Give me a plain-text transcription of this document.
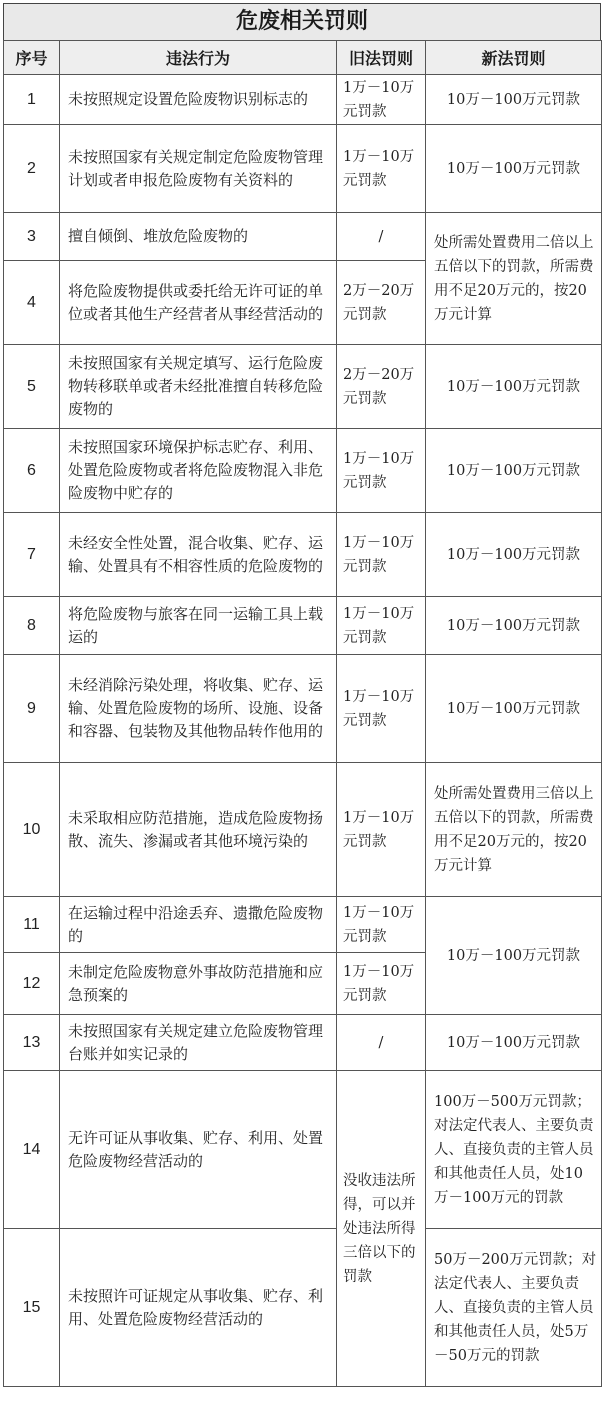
危废相关罚则
序号	违法行为	旧法罚则	新法罚则
1	未按照规定设置危险废物识别标志的	1万－10万元罚款	10万－100万元罚款
2	未按照国家有关规定制定危险废物管理计划或者申报危险废物有关资料的	1万－10万元罚款	10万－100万元罚款
3	擅自倾倒、堆放危险废物的	/	处所需处置费用二倍以上五倍以下的罚款，所需费用不足20万元的，按20万元计算
4	将危险废物提供或委托给无许可证的单位或者其他生产经营者从事经营活动的	2万－20万元罚款	
5	未按照国家有关规定填写、运行危险废物转移联单或者未经批准擅自转移危险废物的	2万－20万元罚款	10万－100万元罚款
6	未按照国家环境保护标志贮存、利用、处置危险废物或者将危险废物混入非危险废物中贮存的	1万－10万元罚款	10万－100万元罚款
7	未经安全性处置，混合收集、贮存、运输、处置具有不相容性质的危险废物的	1万－10万元罚款	10万－100万元罚款
8	将危险废物与旅客在同一运输工具上载运的	1万－10万元罚款	10万－100万元罚款
9	未经消除污染处理，将收集、贮存、运输、处置危险废物的场所、设施、设备和容器、包装物及其他物品转作他用的	1万－10万元罚款	10万－100万元罚款
10	未采取相应防范措施，造成危险废物扬散、流失、渗漏或者其他环境污染的	1万－10万元罚款	处所需处置费用三倍以上五倍以下的罚款，所需费用不足20万元的，按20万元计算
11	在运输过程中沿途丢弃、遗撒危险废物的	1万－10万元罚款	10万－100万元罚款
12	未制定危险废物意外事故防范措施和应急预案的	1万－10万元罚款	
13	未按照国家有关规定建立危险废物管理台账并如实记录的	/	10万－100万元罚款
14	无许可证从事收集、贮存、利用、处置危险废物经营活动的	没收违法所得，可以并处违法所得三倍以下的罚款	100万－500万元罚款；对法定代表人、主要负责人、直接负责的主管人员和其他责任人员，处10万－100万元的罚款
15	未按照许可证规定从事收集、贮存、利用、处置危险废物经营活动的		50万－200万元罚款；对法定代表人、主要负责人、直接负责的主管人员和其他责任人员，处5万－50万元的罚款
